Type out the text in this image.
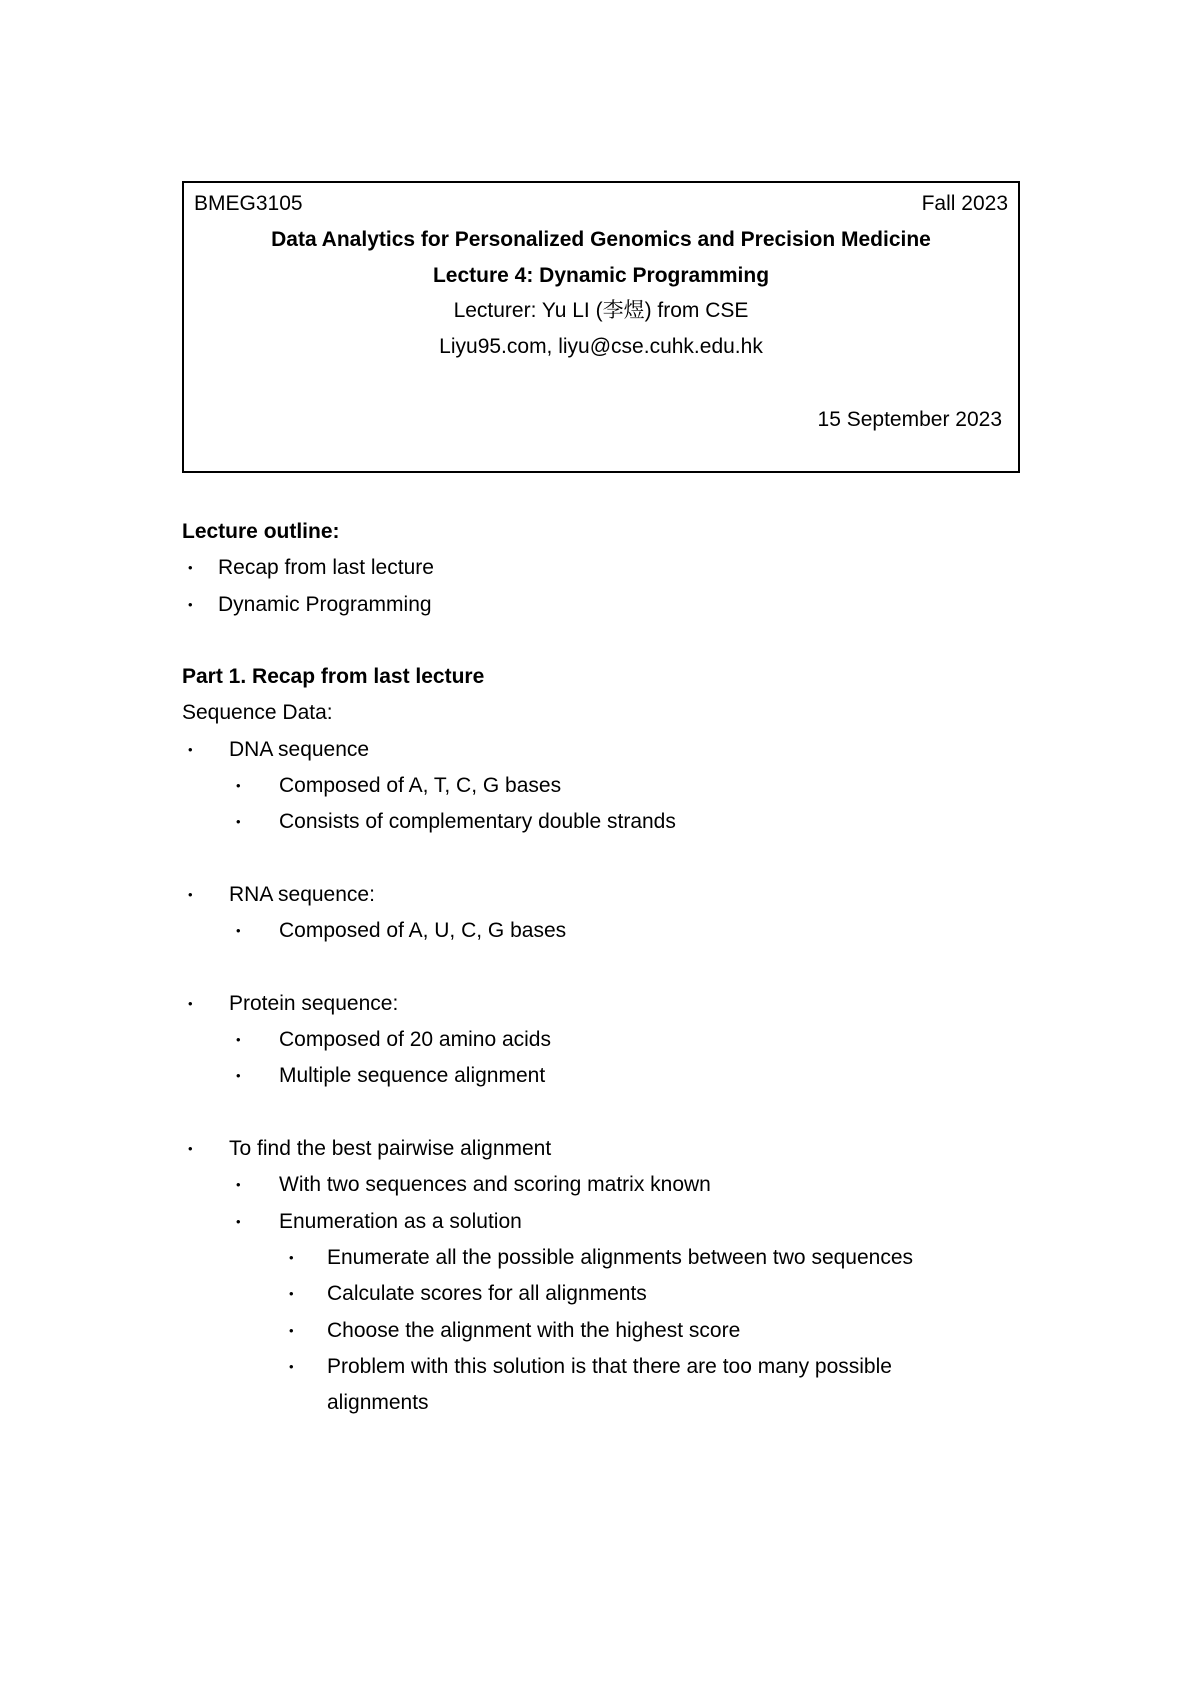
BMEG3105	Fall 2023
Data Analytics for Personalized Genomics and Precision Medicine
Lecture 4: Dynamic Programming
Lecturer: Yu LI (李煜) from CSE
Liyu95.com, liyu@cse.cuhk.edu.hk
15 September 2023
Lecture outline:
• Recap from last lecture
• Dynamic Programming
Part 1. Recap from last lecture
Sequence Data:
• DNA sequence
• Composed of A, T, C, G bases
• Consists of complementary double strands
• RNA sequence:
• Composed of A, U, C, G bases
• Protein sequence:
• Composed of 20 amino acids
• Multiple sequence alignment
• To find the best pairwise alignment
• With two sequences and scoring matrix known
• Enumeration as a solution
• Enumerate all the possible alignments between two sequences
• Calculate scores for all alignments
• Choose the alignment with the highest score
• Problem with this solution is that there are too many possible
alignments
